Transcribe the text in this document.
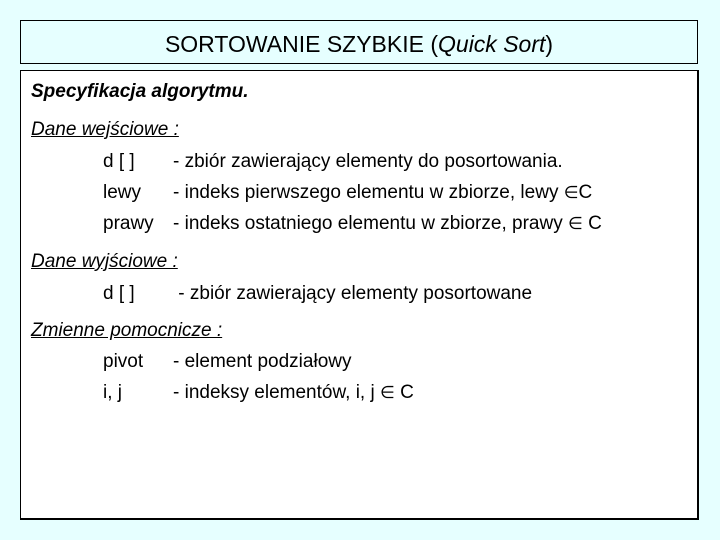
SORTOWANIE SZYBKIE (Quick Sort)
Specyfikacja algorytmu.
Dane wejściowe :
d [ ] - zbiór zawierający elementy do posortowania.
lewy - indeks pierwszego elementu w zbiorze, lewy ∈C
prawy - indeks ostatniego elementu w zbiorze, prawy ∈ C
Dane wyjściowe :
d [ ] - zbiór zawierający elementy posortowane
Zmienne pomocnicze :
pivot - element podziałowy
i, j	- indeksy elementów, i, j ∈ C
